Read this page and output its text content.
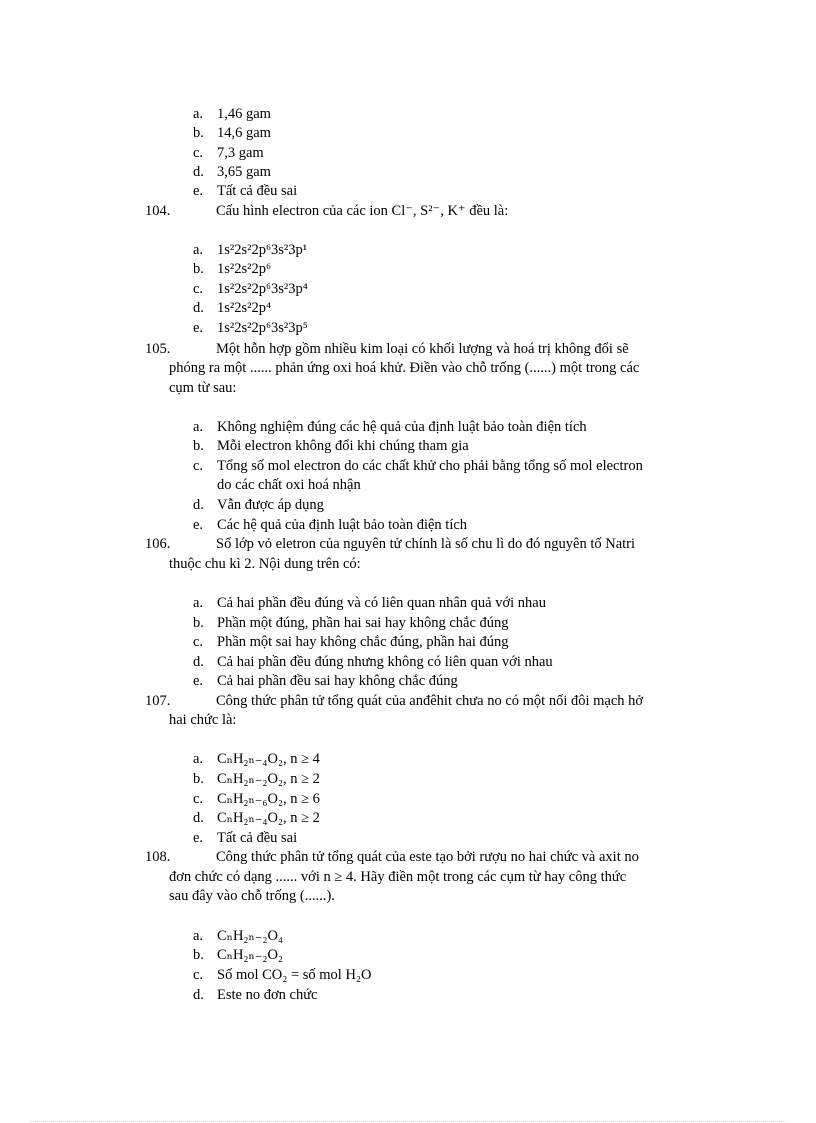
a. 1,46 gam
b. 14,6 gam
c. 7,3 gam
d. 3,65 gam
e. Tất cả đều sai
104.	Cấu hình electron của các ion Cl⁻, S²⁻, K⁺ đều là:
a. 1s²2s²2p⁶3s²3p¹
b. 1s²2s²2p⁶
c. 1s²2s²2p⁶3s²3p⁴
d. 1s²2s²2p⁴
e. 1s²2s²2p⁶3s²3p⁵
105.	Một hỗn hợp gồm nhiều kim loại có khối lượng và hoá trị không đổi sẽ
phóng ra một ...... phản ứng oxi hoá khử. Điền vào chỗ trống (......) một trong các
cụm từ sau:
a. Không nghiệm đúng các hệ quả của định luật bảo toàn điện tích
b. Mỗi electron không đổi khi chúng tham gia
c. Tổng số mol electron do các chất khử cho phải bằng tổng số mol electron
do các chất oxi hoá nhận
d. Vẫn được áp dụng
e. Các hệ quả của định luật bảo toàn điện tích
106.	Số lớp vỏ eletron của nguyên tử chính là số chu lì do đó nguyên tố Natri
thuộc chu kì 2. Nội dung trên có:
a. Cả hai phần đều đúng và có liên quan nhân quả với nhau
b. Phần một đúng, phần hai sai hay không chắc đúng
c. Phần một sai hay không chắc đúng, phần hai đúng
d. Cả hai phần đều đúng nhưng không có liên quan với nhau
e. Cả hai phần đều sai hay không chắc đúng
107.	Công thức phân tử tổng quát của anđêhit chưa no có một nối đôi mạch hở
hai chức là:
a. CₙH₂ₙ₋₄O₂, n ≥ 4
b. CₙH₂ₙ₋₂O₂, n ≥ 2
c. CₙH₂ₙ₋₆O₂, n ≥ 6
d. CₙH₂ₙ₋₄O₂, n ≥ 2
e. Tất cả đều sai
108.	Công thức phân tử tổng quát của este tạo bởi rượu no hai chức và axit no
đơn chức có dạng ...... với n ≥ 4. Hãy điền một trong các cụm từ hay công thức
sau đây vào chỗ trống (......).
a. CₙH₂ₙ₋₂O₄
b. CₙH₂ₙ₋₂O₂
c. Số mol CO₂ = số mol H₂O
d. Este no đơn chức
